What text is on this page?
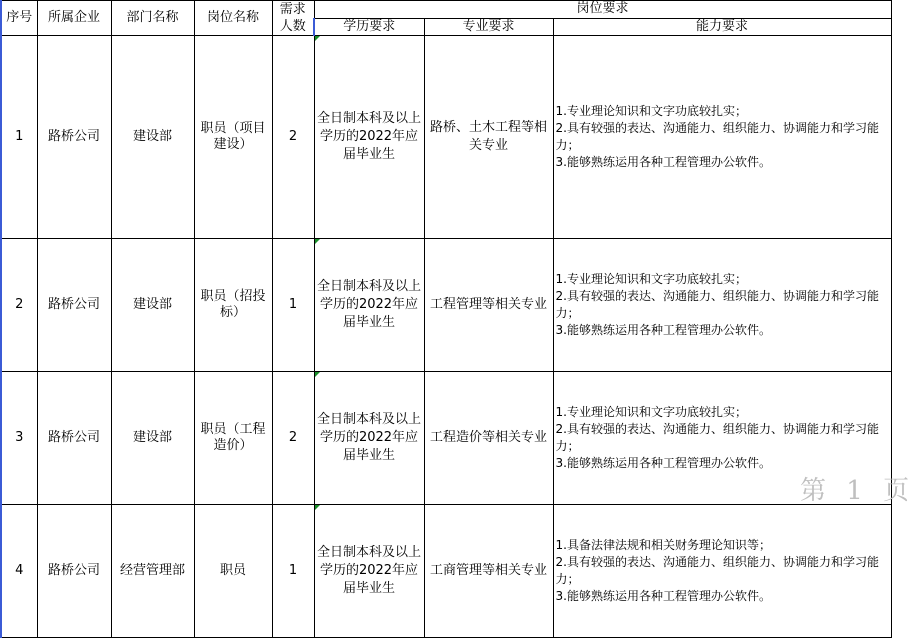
序号	所属企业	部门名称	岗位名称	需求人数	岗位要求		
					学历要求	专业要求	能力要求
1	路桥公司	建设部	职员（项目建设）	2	全日制本科及以上学历的2022年应届毕业生	路桥、土木工程等相关专业	1.专业理论知识和文字功底较扎实；
2.具有较强的表达、沟通能力、组织能力、协调能力和学习能力；
3.能够熟练运用各种工程管理办公软件。

2	路桥公司	建设部	职员（招投标）	1	全日制本科及以上学历的2022年应届毕业生	工程管理等相关专业	1.专业理论知识和文字功底较扎实；
2.具有较强的表达、沟通能力、组织能力、协调能力和学习能力；
3.能够熟练运用各种工程管理办公软件。

3	路桥公司	建设部	职员（工程造价）	2	全日制本科及以上学历的2022年应届毕业生	工程造价等相关专业	1.专业理论知识和文字功底较扎实；
2.具有较强的表达、沟通能力、组织能力、协调能力和学习能力；
3.能够熟练运用各种工程管理办公软件。

4	路桥公司	经营管理部	职员	1	全日制本科及以上学历的2022年应届毕业生	工商管理等相关专业	1.具备法律法规和相关财务理论知识等；
2.具有较强的表达、沟通能力、组织能力、协调能力和学习能力；
3.能够熟练运用各种工程管理办公软件。
第 1 页
